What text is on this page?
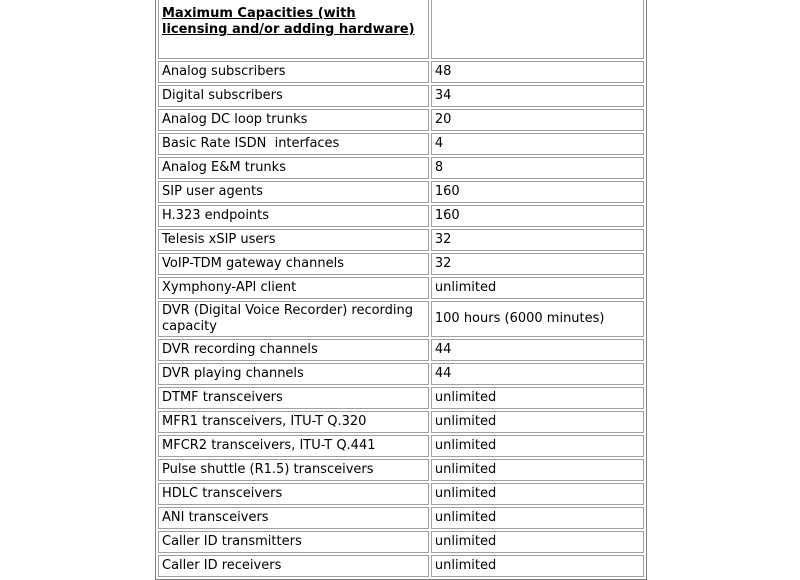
Maximum Capacities (with licensing and/or adding hardware)	
Analog subscribers	48
Digital subscribers	34
Analog DC loop trunks	20
Basic Rate ISDN  interfaces	4
Analog E&M trunks	8
SIP user agents	160
H.323 endpoints	160
Telesis xSIP users	32
VoIP-TDM gateway channels	32
Xymphony-API client	unlimited
DVR (Digital Voice Recorder) recording capacity	100 hours (6000 minutes)
DVR recording channels	44
DVR playing channels	44
DTMF transceivers	unlimited
MFR1 transceivers, ITU-T Q.320	unlimited
MFCR2 transceivers, ITU-T Q.441	unlimited
Pulse shuttle (R1.5) transceivers	unlimited
HDLC transceivers	unlimited
ANI transceivers	unlimited
Caller ID transmitters	unlimited
Caller ID receivers	unlimited
